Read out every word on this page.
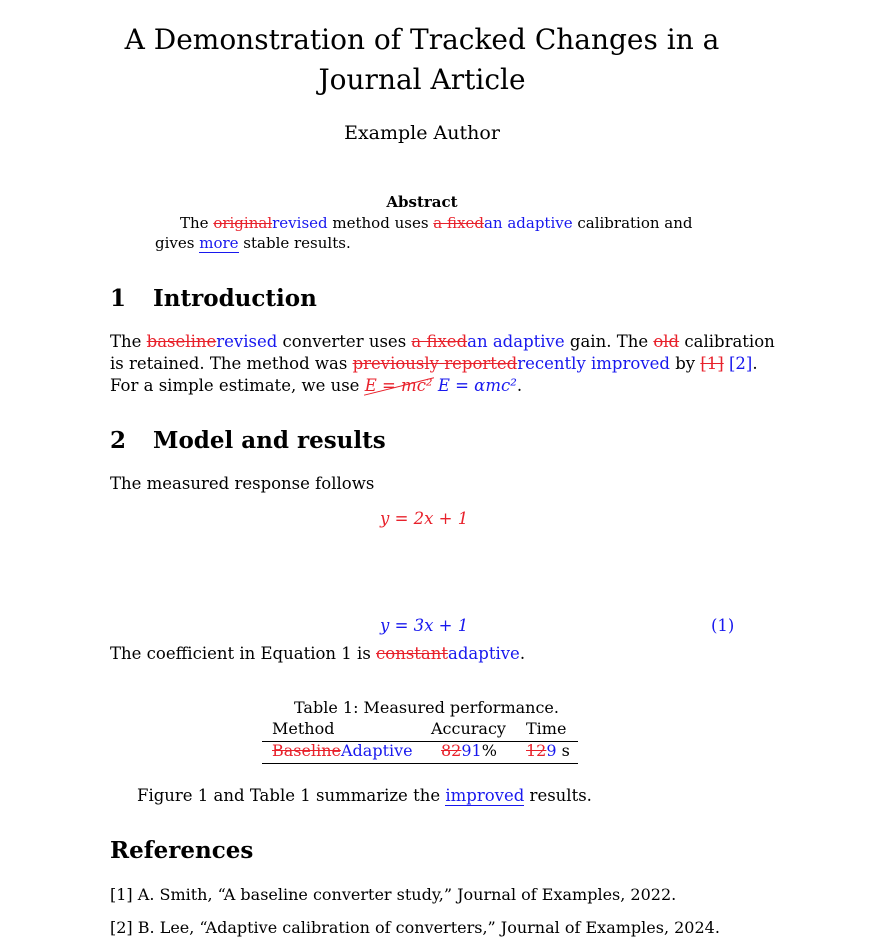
A Demonstration of Tracked Changes in a
Journal Article
Example Author
Abstract
The originalrevised method uses a fixedan adaptive calibration and
gives more stable results.
1 Introduction
The baselinerevised converter uses a fixedan adaptive gain. The old calibration
is retained. The method was previously reportedrecently improved by [1] [2].
For a simple estimate, we use E = mc² E = αmc².
2 Model and results
The measured response follows
y = 2x + 1
y = 3x + 1	(1)
The coefficient in Equation 1 is constantadaptive.
Table 1: Measured performance.
Method	Accuracy Time
BaselineAdaptive 8291% 129 s
Figure 1 and Table 1 summarize the improved results.
References
[1] A. Smith, “A baseline converter study,” Journal of Examples, 2022.
[2] B. Lee, “Adaptive calibration of converters,” Journal of Examples, 2024.
